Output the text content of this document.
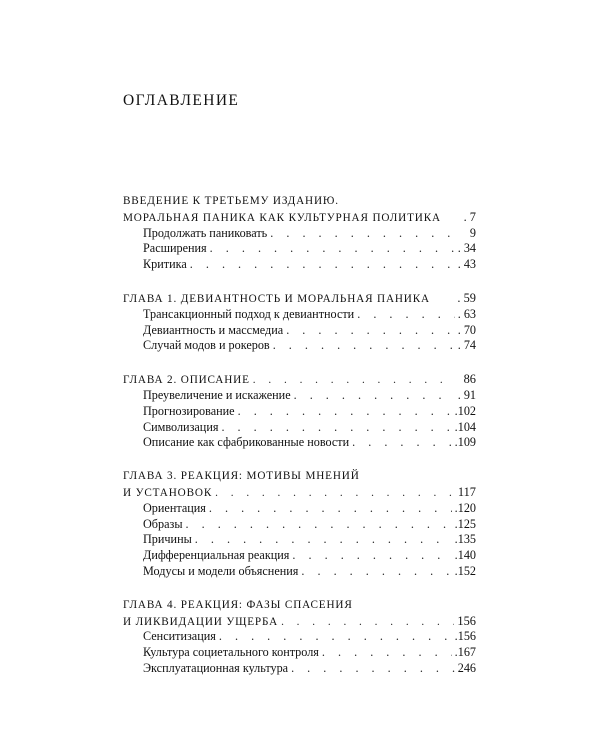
ОГЛАВЛЕНИЕ
ВВЕДЕНИЕ К ТРЕТЬЕМУ ИЗДАНИЮ.
МОРАЛЬНАЯ ПАНИКА КАК КУЛЬТУРНАЯ ПОЛИТИКА	. 7
Продолжать паниковать . . .	9
Расширения . . .	. 34
Критика . . .	. 43
ГЛАВА 1. ДЕВИАНТНОСТЬ И МОРАЛЬНАЯ ПАНИКА . 59
Трансакционный подход к девиантности . . .	. 63
Девиантность и массмедиа . . .	. 70
Случай модов и рокеров . . .	. 74
ГЛАВА 2. ОПИСАНИЕ . . .	86
Преувеличение и искажение . . .	. 91
Прогнозирование . . .	.102
Символизация . . .	.104
Описание как сфабрикованные новости . . .	.109
ГЛАВА 3. РЕАКЦИЯ: МОТИВЫ МНЕНИЙ
И УСТАНОВОК . . .	117
Ориентация . . .	.120
Образы . . .	.125
Причины . . .	.135
Дифференциальная реакция . . .	.140
Модусы и модели объяснения . . .	.152
ГЛАВА 4. РЕАКЦИЯ: ФАЗЫ СПАСЕНИЯ
И ЛИКВИДАЦИИ УЩЕРБА . . .	156
Сенситизация . . .	.156
Культура социетального контроля . . .	.167
Эксплуатационная культура . . .	246
